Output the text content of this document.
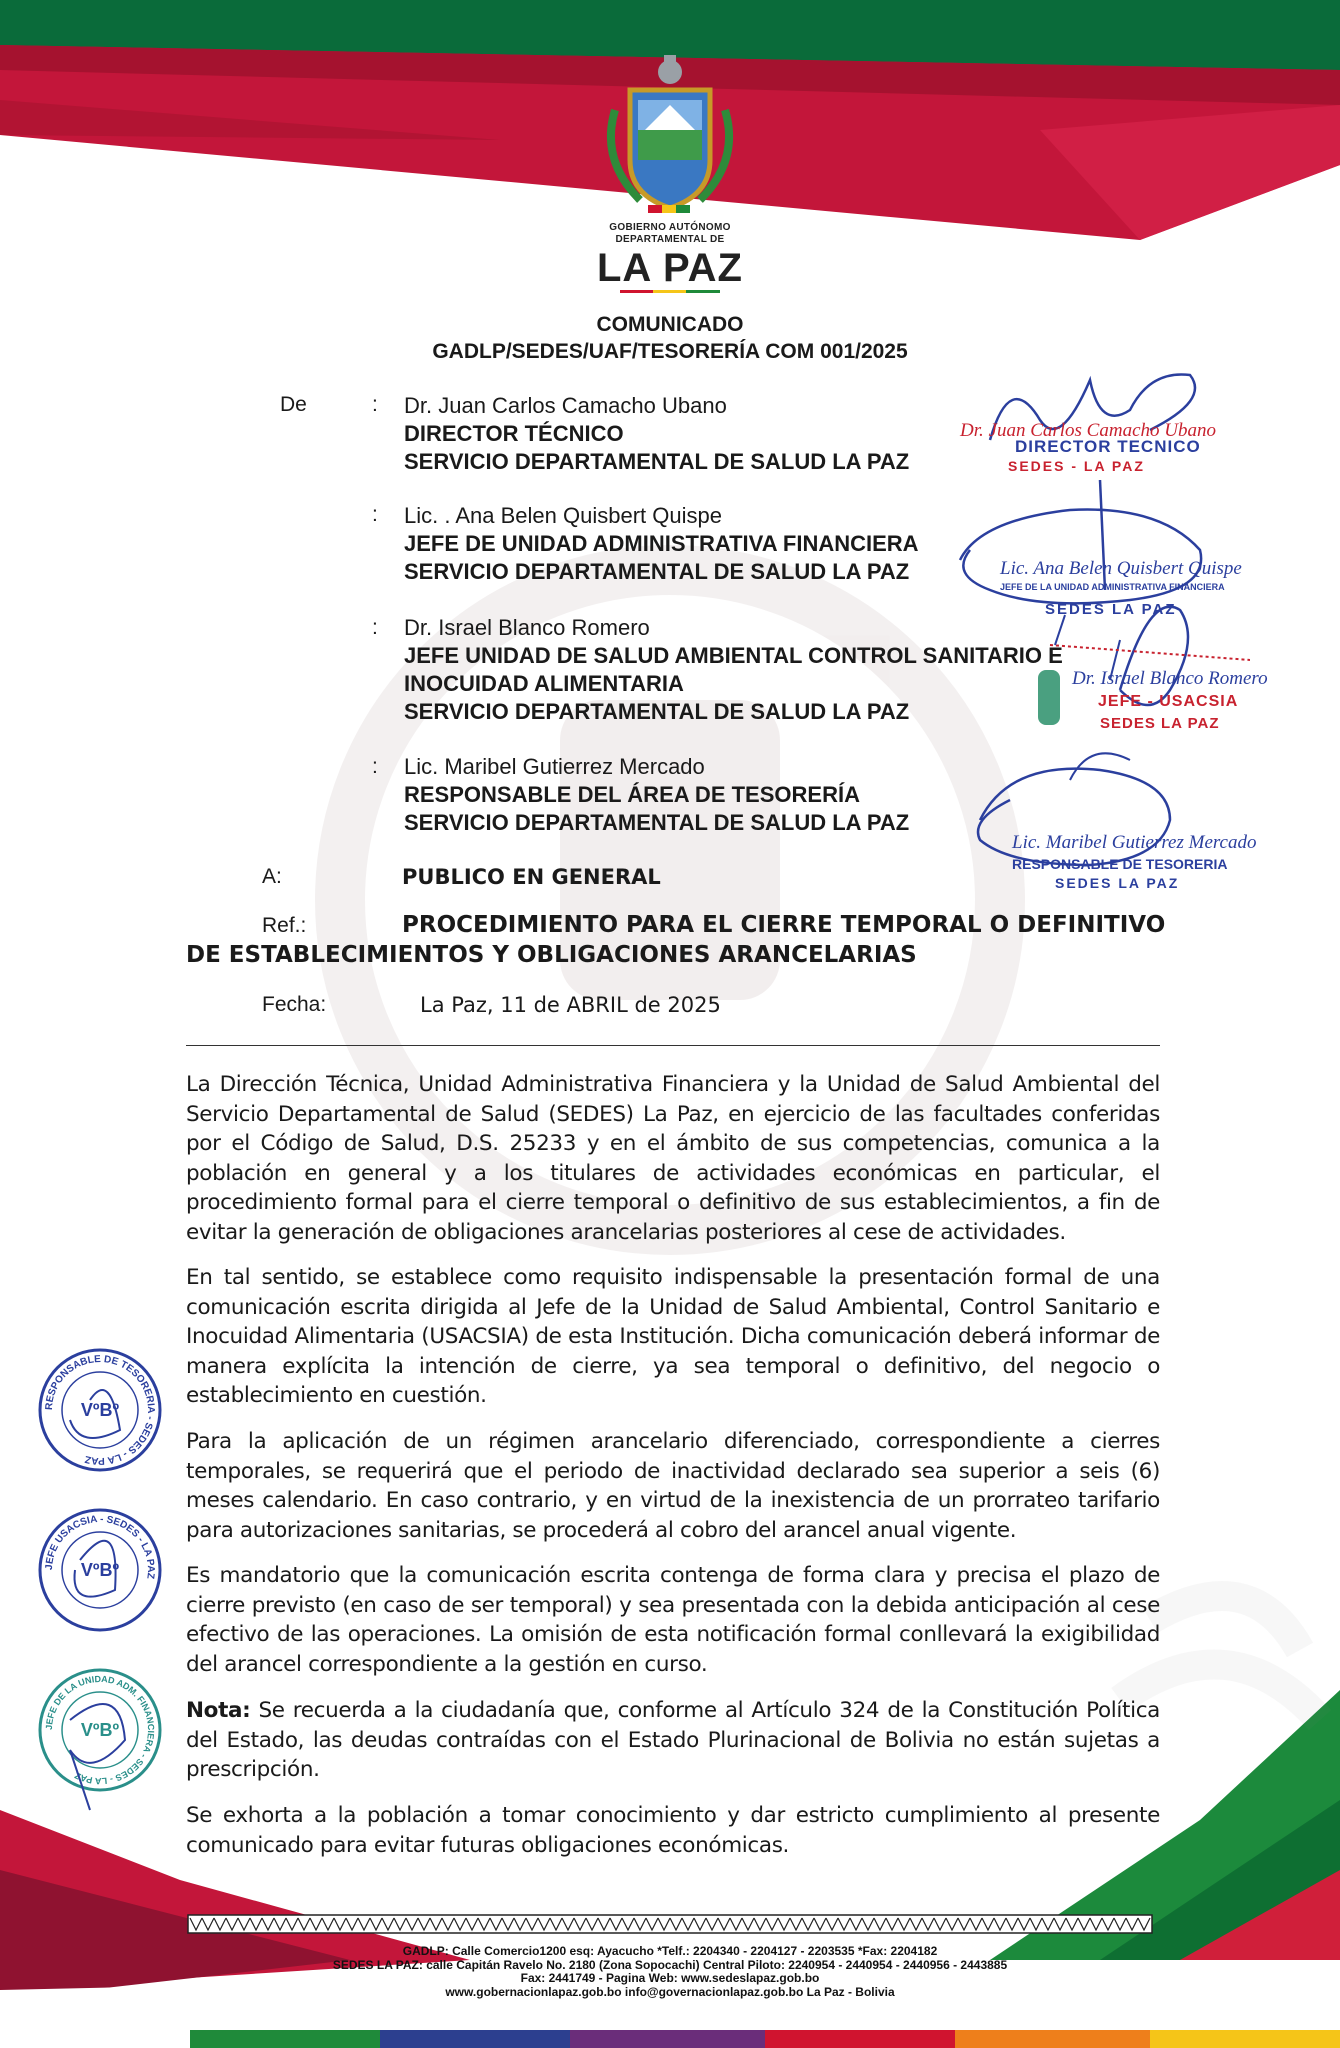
GOBIERNO AUTÓNOMO
DEPARTAMENTAL DE
LA PAZ
COMUNICADO
GADLP/SEDES/UAF/TESORERÍA COM 001/2025
De	: Dr. Juan Carlos Camacho Ubano
DIRECTOR TÉCNICO
SERVICIO DEPARTAMENTAL DE SALUD LA PAZ
: Lic. . Ana Belen Quisbert Quispe
JEFE DE UNIDAD ADMINISTRATIVA FINANCIERA
SERVICIO DEPARTAMENTAL DE SALUD LA PAZ
: Dr. Israel Blanco Romero
JEFE UNIDAD DE SALUD AMBIENTAL CONTROL SANITARIO E
INOCUIDAD ALIMENTARIA
SERVICIO DEPARTAMENTAL DE SALUD LA PAZ
: Lic. Maribel Gutierrez Mercado
RESPONSABLE DEL ÁREA DE TESORERÍA
SERVICIO DEPARTAMENTAL DE SALUD LA PAZ
Dr. Juan Carlos Camacho Ubano
DIRECTOR TECNICO
SEDES - LA PAZ
Lic. Ana Belen Quisbert Quispe
JEFE DE LA UNIDAD ADMINISTRATIVA FINANCIERA
SEDES LA PAZ
Dr. Israel Blanco Romero
JEFE - USACSIA
SEDES LA PAZ
Lic. Maribel Gutierrez Mercado
RESPONSABLE DE TESORERIA
SEDES LA PAZ
A:	PUBLICO EN GENERAL
Ref.:	PROCEDIMIENTO PARA EL CIERRE TEMPORAL O DEFINITIVO
DE ESTABLECIMIENTOS Y OBLIGACIONES ARANCELARIAS
Fecha:	La Paz, 11 de ABRIL de 2025
La Dirección Técnica, Unidad Administrativa Financiera y la Unidad de Salud Ambiental del Servicio Departamental de Salud (SEDES) La Paz, en ejercicio de las facultades conferidas por el Código de Salud, D.S. 25233 y en el ámbito de sus competencias, comunica a la población en general y a los titulares de actividades económicas en particular, el procedimiento formal para el cierre temporal o definitivo de sus establecimientos, a fin de evitar la generación de obligaciones arancelarias posteriores al cese de actividades.
En tal sentido, se establece como requisito indispensable la presentación formal de una comunicación escrita dirigida al Jefe de la Unidad de Salud Ambiental, Control Sanitario e Inocuidad Alimentaria (USACSIA) de esta Institución. Dicha comunicación deberá informar de manera explícita la intención de cierre, ya sea temporal o definitivo, del negocio o establecimiento en cuestión.
Para la aplicación de un régimen arancelario diferenciado, correspondiente a cierres temporales, se requerirá que el periodo de inactividad declarado sea superior a seis (6) meses calendario. En caso contrario, y en virtud de la inexistencia de un prorrateo tarifario para autorizaciones sanitarias, se procederá al cobro del arancel anual vigente.
Es mandatorio que la comunicación escrita contenga de forma clara y precisa el plazo de cierre previsto (en caso de ser temporal) y sea presentada con la debida anticipación al cese efectivo de las operaciones. La omisión de esta notificación formal conllevará la exigibilidad del arancel correspondiente a la gestión en curso.
Nota: Se recuerda a la ciudadanía que, conforme al Artículo 324 de la Constitución Política del Estado, las deudas contraídas con el Estado Plurinacional de Bolivia no están sujetas a prescripción.
Se exhorta a la población a tomar conocimiento y dar estricto cumplimiento al presente comunicado para evitar futuras obligaciones económicas.
RESPONSABLE DE TESORERIA - SEDES - LA PAZ
VºBº
JEFE USACSIA - SEDES - LA PAZ
VºBº
JEFE DE LA UNIDAD ADM. FINANCIERA - SEDES - LA PAZ
VºBº
GADLP: Calle Comercio1200 esq: Ayacucho *Telf.: 2204340 - 2204127 - 2203535 *Fax: 2204182
SEDES LA PAZ: calle Capitán Ravelo No. 2180 (Zona Sopocachi) Central Piloto: 2240954 - 2440954 - 2440956 - 2443885
Fax: 2441749 - Pagina Web: www.sedeslapaz.gob.bo
www.gobernacionlapaz.gob.bo info@governacionlapaz.gob.bo La Paz - Bolivia
